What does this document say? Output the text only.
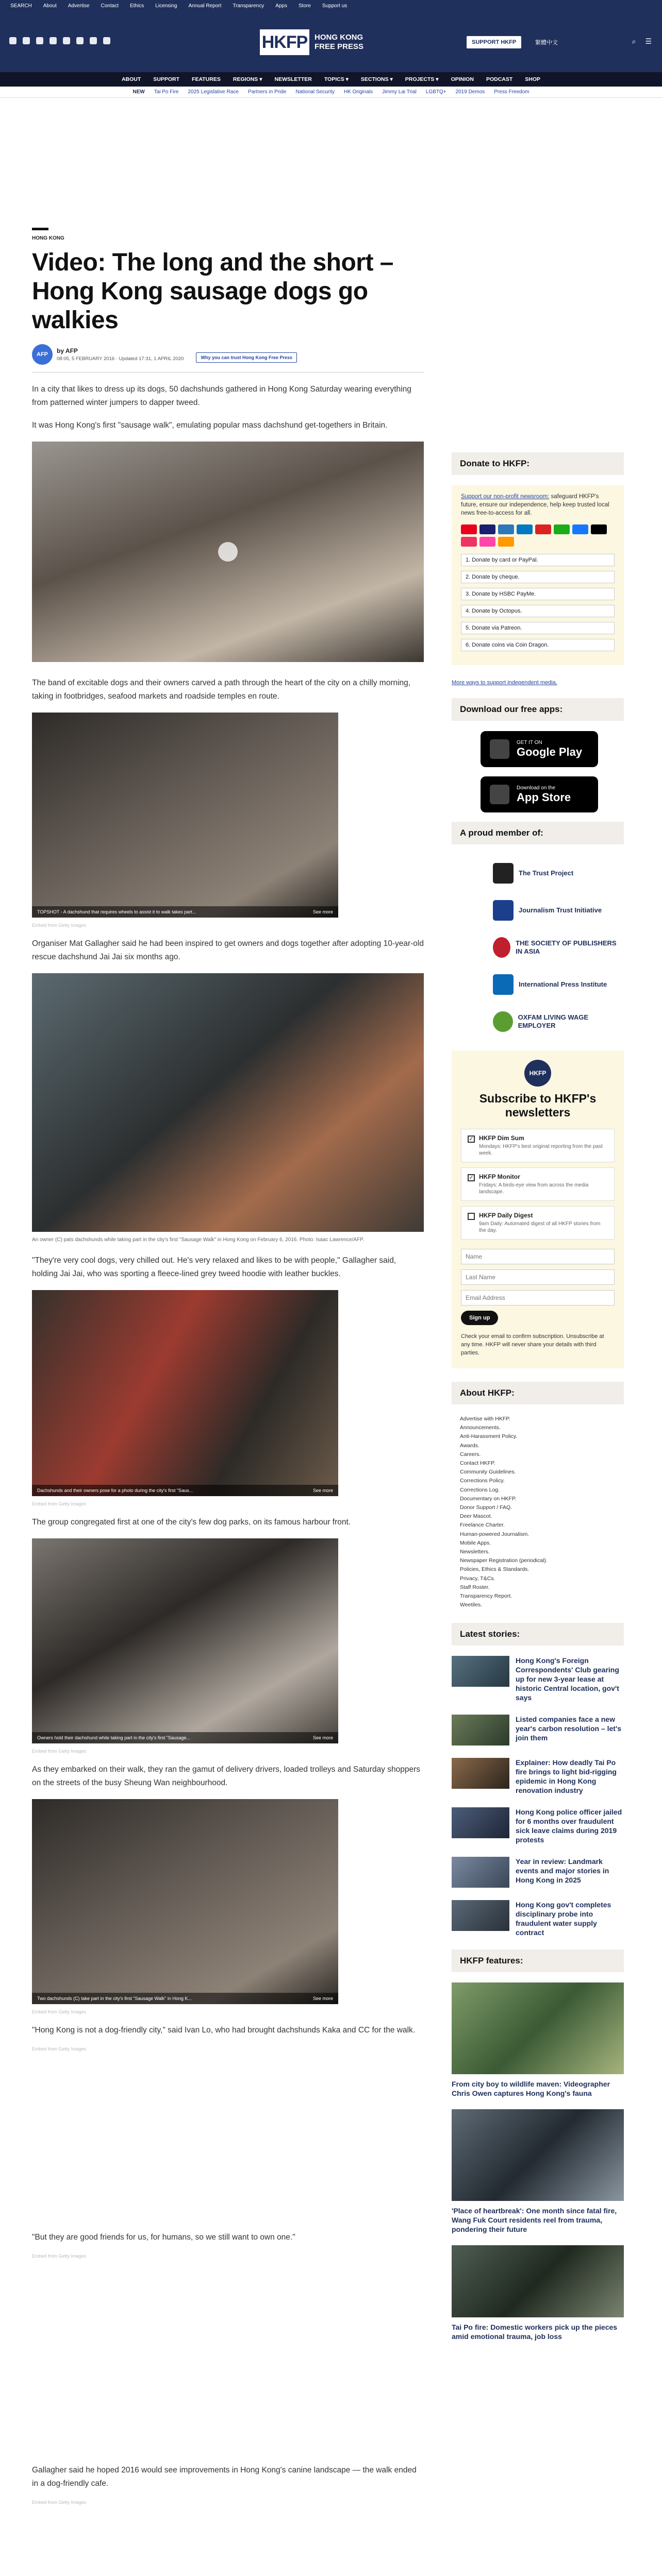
SEARCH About Advertise Contact Ethics Licensing Annual Report Transparency Apps Store Support us
HKFP HONG KONG
FREE PRESS	SUPPORT HKFP	繁體中文	⌕ ☰
ABOUT SUPPORT FEATURES REGIONS ▾ NEWSLETTER TOPICS ▾ SECTIONS ▾ PROJECTS ▾ OPINION PODCAST SHOP
NEW Tai Po Fire 2025 Legislative Race Partners in Pride National Security HK Originals Jimmy Lai Trial LGBTQ+ 2019 Demos Press Freedom
HONG KONG
Video: The long and the short – Hong Kong sausage dogs go walkies
AFP	by AFP
08:05, 5 FEBRUARY 2016 · Updated 17:31, 1 APRIL 2020	Why you can trust Hong Kong Free Press

In a city that likes to dress up its dogs, 50 dachshunds gathered in Hong Kong Saturday wearing everything from patterned winter jumpers to dapper tweed.

It was Hong Kong's first "sausage walk", emulating popular mass dachshund get-togethers in Britain.

The band of excitable dogs and their owners carved a path through the heart of the city on a chilly morning, taking in footbridges, seafood markets and roadside temples en route.

TOPSHOT - A dachshund that requires wheels to assist it to walk takes part...	See more
Embed from Getty Images

Organiser Mat Gallagher said he had been inspired to get owners and dogs together after adopting 10-year-old rescue dachshund Jai Jai six months ago.

An owner (C) pats dachshunds while taking part in the city's first "Sausage Walk" in Hong Kong on February 6, 2016. Photo: Isaac Lawrence/AFP.

"They're very cool dogs, very chilled out. He's very relaxed and likes to be with people," Gallagher said, holding Jai Jai, who was sporting a fleece-lined grey tweed hoodie with leather buckles.

Dachshunds and their owners pose for a photo during the city's first "Saus...	See more
Embed from Getty Images

The group congregated first at one of the city's few dog parks, on its famous harbour front.

Owners hold their dachshund while taking part in the city's first "Sausage...	See more
Embed from Getty Images

As they embarked on their walk, they ran the gamut of delivery drivers, loaded trolleys and Saturday shoppers on the streets of the busy Sheung Wan neighbourhood.

Two dachshunds (C) take part in the city's first "Sausage Walk" in Hong K...	See more
Embed from Getty Images

"Hong Kong is not a dog-friendly city," said Ivan Lo, who had brought dachshunds Kaka and CC for the walk.

Embed from Getty Images

"But they are good friends for us, for humans, so we still want to own one."

Embed from Getty Images

Gallagher said he hoped 2016 would see improvements in Hong Kong's canine landscape — the walk ended in a dog-friendly cafe.

Embed from Getty Images

Donate to HKFP:
Support our non-profit newsroom: safeguard HKFP's future, ensure our independence, help keep trusted local news free-to-access for all.
1. Donate by card or PayPal.
2. Donate by cheque.
3. Donate by HSBC PayMe.
4. Donate by Octopus.
5. Donate via Patreon.
6. Donate coins via Coin Dragon.
More ways to support independent media.
Download our free apps:
GET IT ON
Google Play
Download on the
App Store
A proud member of:
The Trust Project
Journalism Trust Initiative
THE SOCIETY OF PUBLISHERS IN ASIA
International Press Institute
OXFAM LIVING WAGE EMPLOYER
HKFP
Subscribe to HKFP's newsletters
✓ HKFP Dim Sum
Mondays: HKFP's best original reporting from the past week.
✓ HKFP Monitor
Fridays: A birds-eye view from across the media landscape.
HKFP Daily Digest
9am Daily: Automated digest of all HKFP stories from the day.
Name Last Name Email Address Sign up
Check your email to confirm subscription. Unsubscribe at any time. HKFP will never share your details with third parties.
About HKFP:
Advertise with HKFP.
Announcements.
Anti-Harassment Policy.
Awards.
Careers.
Contact HKFP.
Community Guidelines.
Corrections Policy.
Corrections Log.
Documentary on HKFP.
Donor Support / FAQ.
Deer Mascot.
Freelance Charter.
Human-powered Journalism.
Mobile Apps.
Newsletters.
Newspaper Registration (periodical).
Policies, Ethics & Standards.
Privacy, T&Cs.
Staff Roster.
Transparency Report.
Weetiles.
Latest stories:
Hong Kong's Foreign Correspondents' Club gearing up for new 3-year lease at historic Central location, gov't says
Listed companies face a new year's carbon resolution – let's join them
Explainer: How deadly Tai Po fire brings to light bid-rigging epidemic in Hong Kong renovation industry
Hong Kong police officer jailed for 6 months over fraudulent sick leave claims during 2019 protests
Year in review: Landmark events and major stories in Hong Kong in 2025
Hong Kong gov't completes disciplinary probe into fraudulent water supply contract
HKFP features:
From city boy to wildlife maven: Videographer Chris Owen captures Hong Kong's fauna
'Place of heartbreak': One month since fatal fire, Wang Fuk Court residents reel from trauma, pondering their future
Tai Po fire: Domestic workers pick up the pieces amid emotional trauma, job loss
